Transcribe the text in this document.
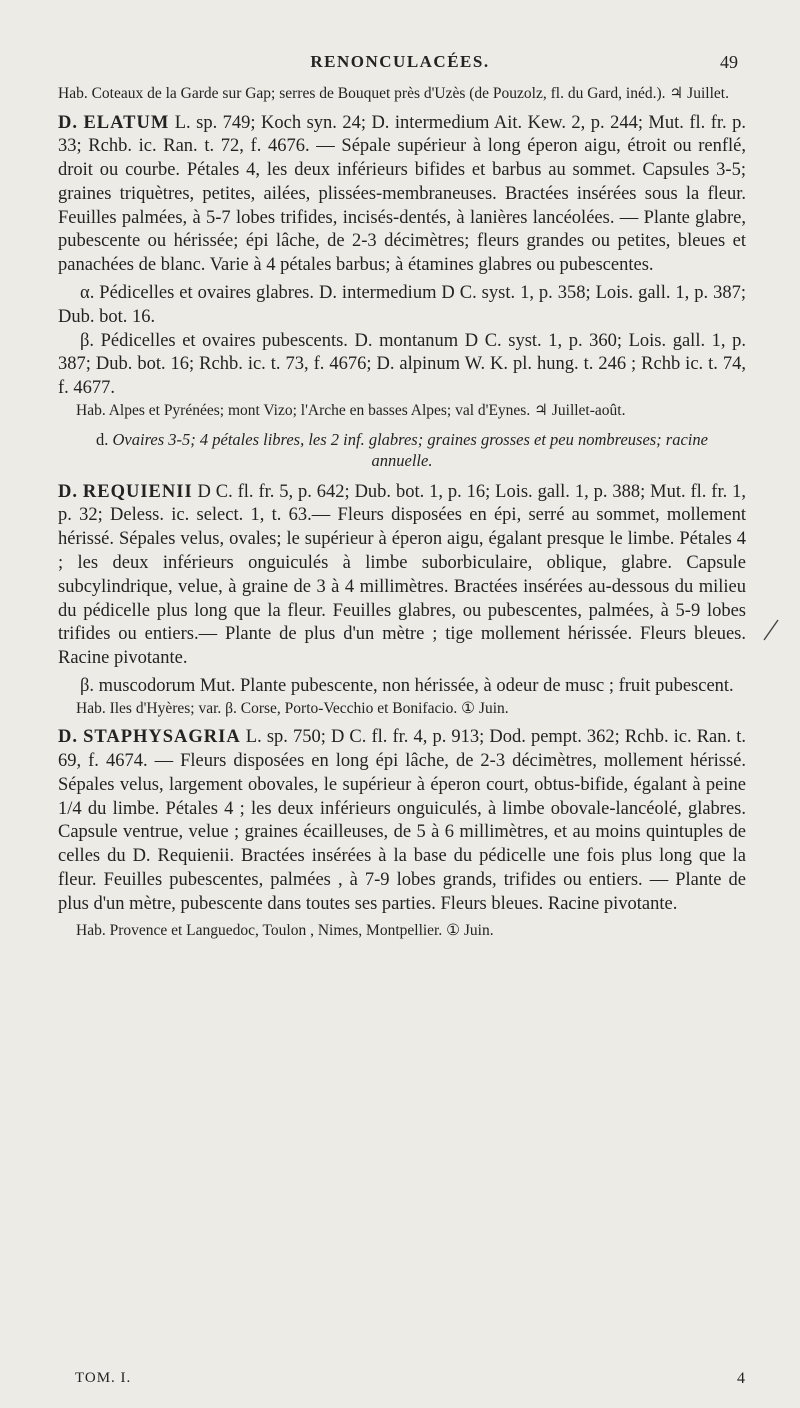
RENONCULACÉES.	49

Hab. Coteaux de la Garde sur Gap; serres de Bouquet près d'Uzès (de Pouzolz, fl. du Gard, inéd.). ♃ Juillet.

D. ELATUM L. sp. 749; Koch syn. 24; D. intermedium Ait. Kew. 2, p. 244; Mut. fl. fr. p. 33; Rchb. ic. Ran. t. 72, f. 4676. — Sépale supérieur à long éperon aigu, étroit ou renflé, droit ou courbe. Pétales 4, les deux inférieurs bifides et barbus au sommet. Capsules 3-5; graines triquètres, petites, ailées, plissées-membraneuses. Bractées insérées sous la fleur. Feuilles palmées, à 5-7 lobes trifides, incisés-dentés, à lanières lancéolées. — Plante glabre, pubescente ou hérissée; épi lâche, de 2-3 décimètres; fleurs grandes ou petites, bleues et panachées de blanc. Varie à 4 pétales barbus; à étamines glabres ou pubescentes.

α. Pédicelles et ovaires glabres. D. intermedium D C. syst. 1, p. 358; Lois. gall. 1, p. 387; Dub. bot. 16.

β. Pédicelles et ovaires pubescents. D. montanum D C. syst. 1, p. 360; Lois. gall. 1, p. 387; Dub. bot. 16; Rchb. ic. t. 73, f. 4676; D. alpinum W. K. pl. hung. t. 246 ; Rchb ic. t. 74, f. 4677.

Hab. Alpes et Pyrénées; mont Vizo; l'Arche en basses Alpes; val d'Eynes. ♃ Juillet-août.

d. Ovaires 3-5; 4 pétales libres, les 2 inf. glabres; graines grosses et peu nombreuses; racine annuelle.

D. REQUIENII D C. fl. fr. 5, p. 642; Dub. bot. 1, p. 16; Lois. gall. 1, p. 388; Mut. fl. fr. 1, p. 32; Deless. ic. select. 1, t. 63.— Fleurs disposées en épi, serré au sommet, mollement hérissé. Sépales velus, ovales; le supérieur à éperon aigu, égalant presque le limbe. Pétales 4 ; les deux inférieurs onguiculés à limbe suborbiculaire, oblique, glabre. Capsule subcylindrique, velue, à graine de 3 à 4 millimètres. Bractées insérées au-dessous du milieu du pédicelle plus long que la fleur. Feuilles glabres, ou pubescentes, palmées, à 5-9 lobes trifides ou entiers.— Plante de plus d'un mètre ; tige mollement hérissée. Fleurs bleues. Racine pivotante.

β. muscodorum Mut. Plante pubescente, non hérissée, à odeur de musc ; fruit pubescent.

Hab. Iles d'Hyères; var. β. Corse, Porto-Vecchio et Bonifacio. ① Juin.

D. STAPHYSAGRIA L. sp. 750; D C. fl. fr. 4, p. 913; Dod. pempt. 362; Rchb. ic. Ran. t. 69, f. 4674. — Fleurs disposées en long épi lâche, de 2-3 décimètres, mollement hérissé. Sépales velus, largement obovales, le supérieur à éperon court, obtus-bifide, égalant à peine 1/4 du limbe. Pétales 4 ; les deux inférieurs onguiculés, à limbe obovale-lancéolé, glabres. Capsule ventrue, velue ; graines écailleuses, de 5 à 6 millimètres, et au moins quintuples de celles du D. Requienii. Bractées insérées à la base du pédicelle une fois plus long que la fleur. Feuilles pubescentes, palmées , à 7-9 lobes grands, trifides ou entiers. — Plante de plus d'un mètre, pubescente dans toutes ses parties. Fleurs bleues. Racine pivotante.

Hab. Provence et Languedoc, Toulon , Nimes, Montpellier. ① Juin.

TOM. I.	4
